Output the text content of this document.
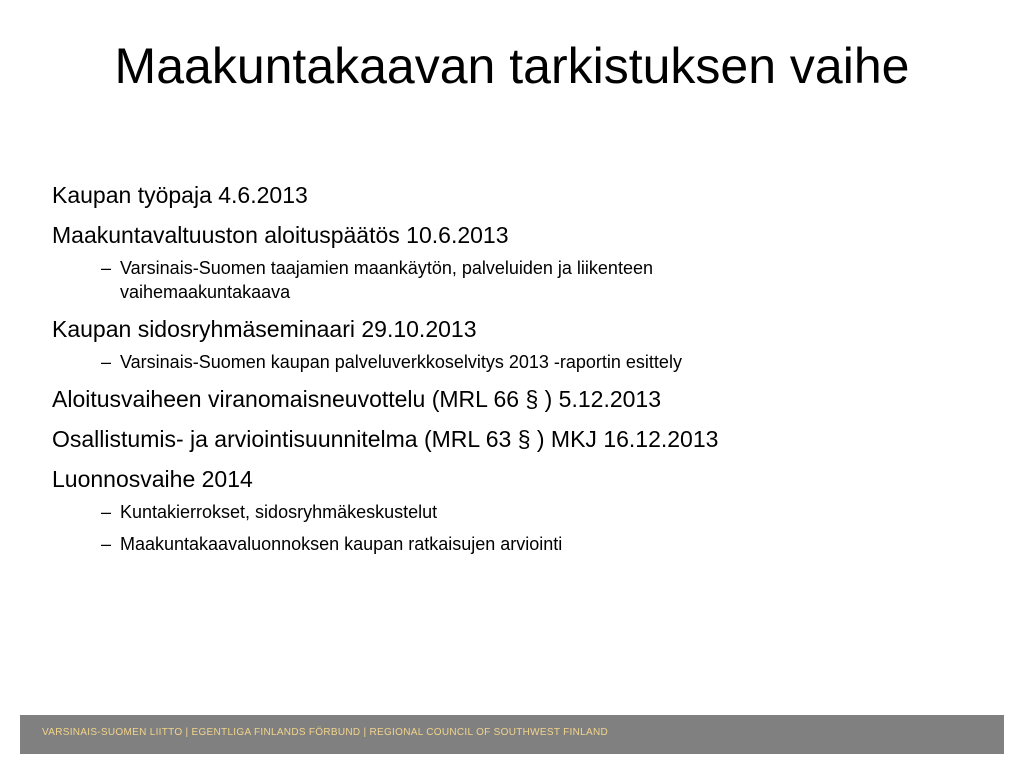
Maakuntakaavan tarkistuksen vaihe
Kaupan työpaja 4.6.2013
Maakuntavaltuuston aloituspäätös 10.6.2013
– Varsinais-Suomen taajamien maankäytön, palveluiden ja liikenteen vaihemaakuntakaava
Kaupan sidosryhmäseminaari 29.10.2013
– Varsinais-Suomen kaupan palveluverkkoselvitys 2013 -raportin esittely
Aloitusvaiheen viranomaisneuvottelu (MRL 66 § ) 5.12.2013
Osallistumis- ja arviointisuunnitelma (MRL 63 § ) MKJ 16.12.2013
Luonnosvaihe 2014
– Kuntakierrokset, sidosryhmäkeskustelut
– Maakuntakaavaluonnoksen kaupan ratkaisujen arviointi
VARSINAIS-SUOMEN LIITTO | EGENTLIGA FINLANDS FÖRBUND | REGIONAL COUNCIL OF SOUTHWEST FINLAND
